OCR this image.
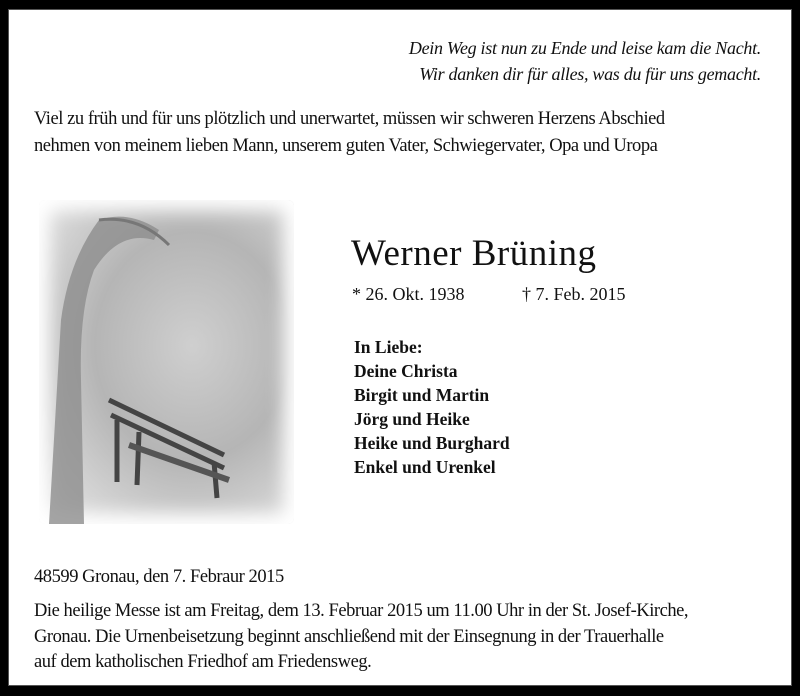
Dein Weg ist nun zu Ende und leise kam die Nacht.
Wir danken dir für alles, was du für uns gemacht.
Viel zu früh und für uns plötzlich und unerwartet, müssen wir schweren Herzens Abschied
nehmen von meinem lieben Mann, unserem guten Vater, Schwiegervater, Opa und Uropa
Werner Brüning
* 26. Okt. 1938	† 7. Feb. 2015
In Liebe:
Deine Christa
Birgit und Martin
Jörg und Heike
Heike und Burghard
Enkel und Urenkel
48599 Gronau, den 7. Febraur 2015
Die heilige Messe ist am Freitag, dem 13. Februar 2015 um 11.00 Uhr in der St. Josef-Kirche,
Gronau. Die Urnenbeisetzung beginnt anschließend mit der Einsegnung in der Trauerhalle
auf dem katholischen Friedhof am Friedensweg.
